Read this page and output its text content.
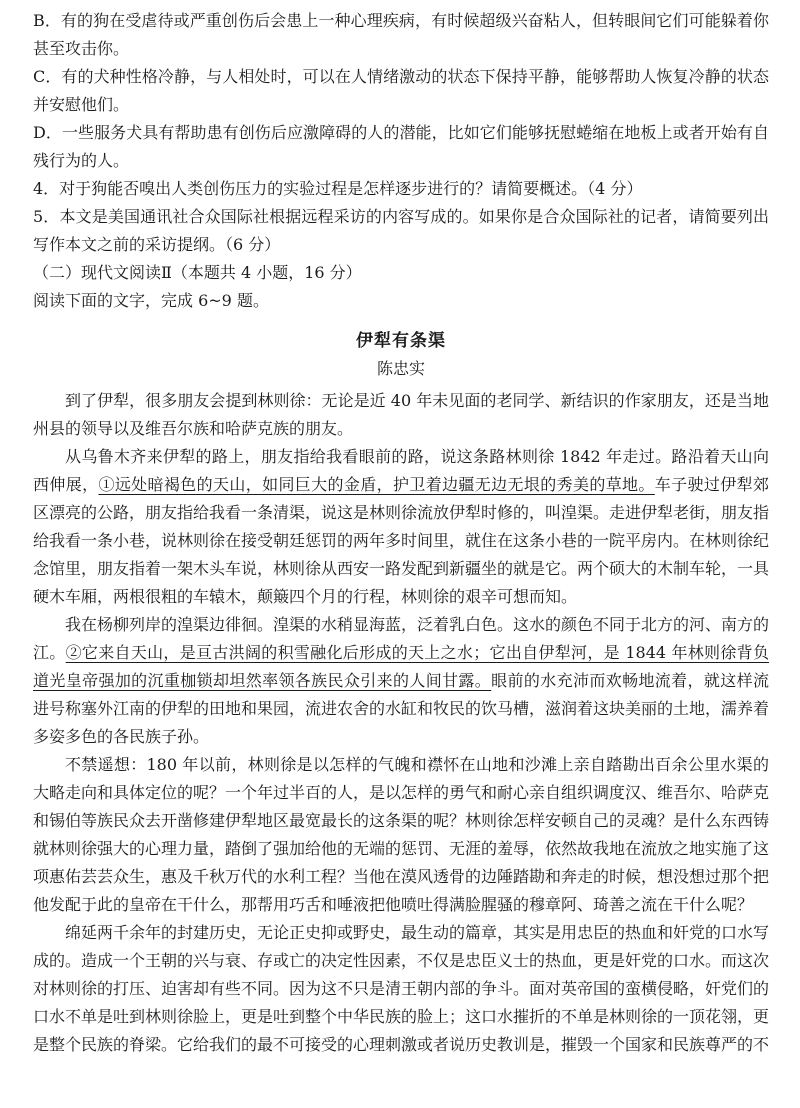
B．有的狗在受虐待或严重创伤后会患上一种心理疾病，有时候超级兴奋粘人，但转眼间它们可能躲着你甚至攻击你。

C．有的犬种性格冷静，与人相处时，可以在人情绪激动的状态下保持平静，能够帮助人恢复冷静的状态并安慰他们。

D．一些服务犬具有帮助患有创伤后应激障碍的人的潜能，比如它们能够抚慰蜷缩在地板上或者开始有自残行为的人。

4．对于狗能否嗅出人类创伤压力的实验过程是怎样逐步进行的？请简要概述。（4 分）

5．本文是美国通讯社合众国际社根据远程采访的内容写成的。如果你是合众国际社的记者，请简要列出写作本文之前的采访提纲。（6 分）

（二）现代文阅读Ⅱ（本题共 4 小题，16 分）

阅读下面的文字，完成 6~9 题。

伊犁有条渠
陈忠实

到了伊犁，很多朋友会提到林则徐：无论是近 40 年未见面的老同学、新结识的作家朋友，还是当地州县的领导以及维吾尔族和哈萨克族的朋友。

从乌鲁木齐来伊犁的路上，朋友指给我看眼前的路，说这条路林则徐 1842 年走过。路沿着天山向西伸展，①远处暗褐色的天山，如同巨大的金盾，护卫着边疆无边无垠的秀美的草地。车子驶过伊犁郊区漂亮的公路，朋友指给我看一条清渠，说这是林则徐流放伊犁时修的，叫湟渠。走进伊犁老街，朋友指给我看一条小巷，说林则徐在接受朝廷惩罚的两年多时间里，就住在这条小巷的一院平房内。在林则徐纪念馆里，朋友指着一架木头车说，林则徐从西安一路发配到新疆坐的就是它。两个硕大的木制车轮，一具硬木车厢，两根很粗的车辕木，颠簸四个月的行程，林则徐的艰辛可想而知。

我在杨柳列岸的湟渠边徘徊。湟渠的水稍显海蓝，泛着乳白色。这水的颜色不同于北方的河、南方的江。②它来自天山，是亘古洪阔的积雪融化后形成的天上之水；它出自伊犁河，是 1844 年林则徐背负道光皇帝强加的沉重枷锁却坦然率领各族民众引来的人间甘露。眼前的水充沛而欢畅地流着，就这样流进号称塞外江南的伊犁的田地和果园，流进农舍的水缸和牧民的饮马槽，滋润着这块美丽的土地，濡养着多姿多色的各民族子孙。

不禁遥想：180 年以前，林则徐是以怎样的气魄和襟怀在山地和沙滩上亲自踏勘出百余公里水渠的大略走向和具体定位的呢？一个年过半百的人，是以怎样的勇气和耐心亲自组织调度汉、维吾尔、哈萨克和锡伯等族民众去开凿修建伊犁地区最宽最长的这条渠的呢？林则徐怎样安顿自己的灵魂？是什么东西铸就林则徐强大的心理力量，踏倒了强加给他的无端的惩罚、无涯的羞辱，依然故我地在流放之地实施了这项惠佑芸芸众生，惠及千秋万代的水利工程？当他在漠风透骨的边陲踏勘和奔走的时候，想没想过那个把他发配于此的皇帝在干什么，那帮用巧舌和唾液把他喷吐得满脸腥骚的穆章阿、琦善之流在干什么呢？

绵延两千余年的封建历史，无论正史抑或野史，最生动的篇章，其实是用忠臣的热血和奸党的口水写成的。造成一个王朝的兴与衰、存或亡的决定性因素，不仅是忠臣义士的热血，更是奸党的口水。而这次对林则徐的打压、迫害却有些不同。因为这不只是清王朝内部的争斗。面对英帝国的蛮横侵略，奸党们的口水不单是吐到林则徐脸上，更是吐到整个中华民族的脸上；这口水摧折的不单是林则徐的一顶花翎，更是整个民族的脊梁。它给我们的最不可接受的心理刺激或者说历史教训是，摧毁一个国家和民族尊严的不
